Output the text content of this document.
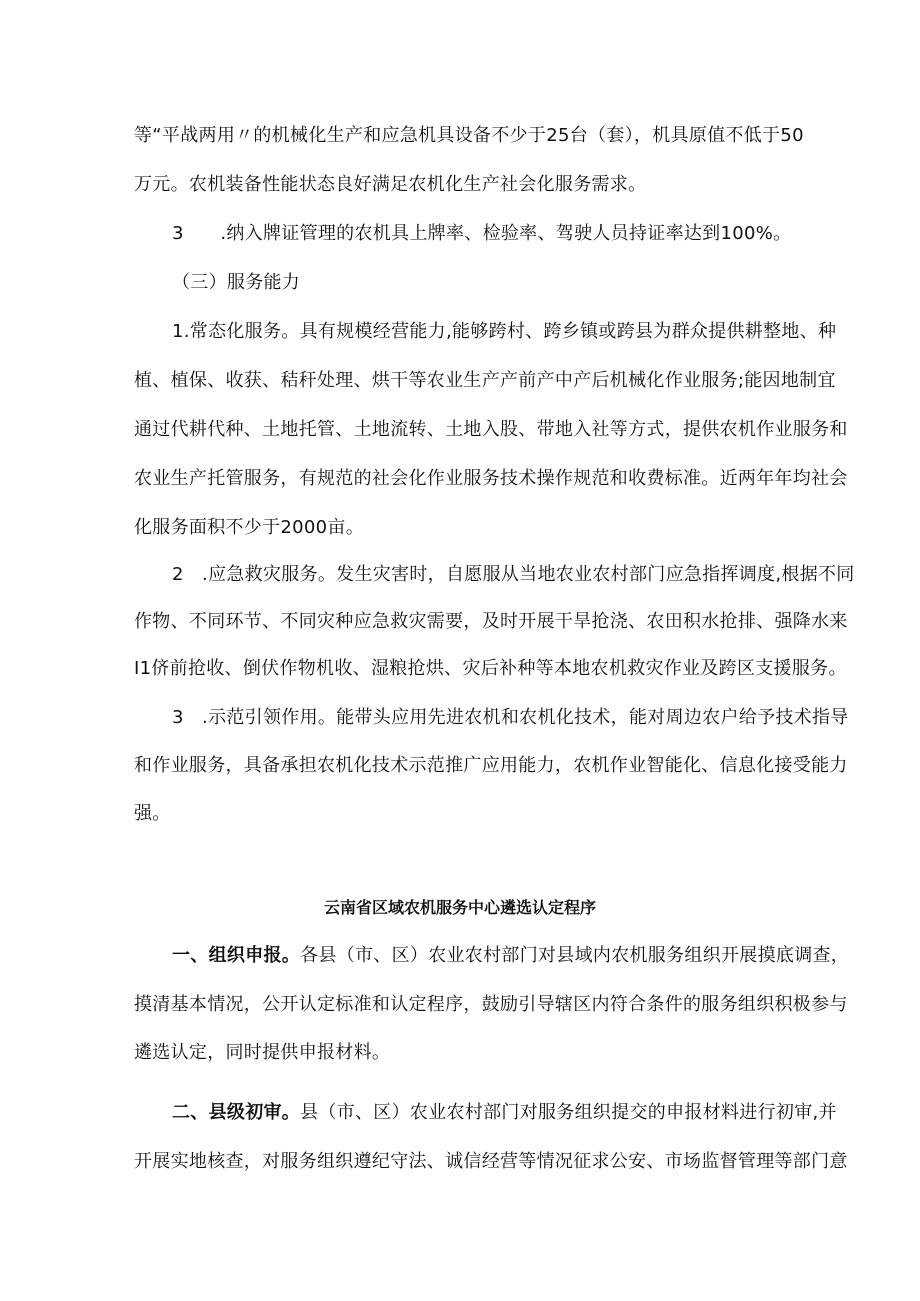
等“平战两用〃的机械化生产和应急机具设备不少于25台（套），机具原值不低于50
万元。农机装备性能状态良好满足农机化生产社会化服务需求。
3　　.纳入牌证管理的农机具上牌率、检验率、驾驶人员持证率达到100%。
（三）服务能力
1.常态化服务。具有规模经营能力,能够跨村、跨乡镇或跨县为群众提供耕整地、种
植、植保、收获、秸秆处理、烘干等农业生产产前产中产后机械化作业服务;能因地制宜
通过代耕代种、土地托管、土地流转、土地入股、带地入社等方式，提供农机作业服务和
农业生产托管服务，有规范的社会化作业服务技术操作规范和收费标准。近两年年均社会
化服务面积不少于2000亩。
2　.应急救灾服务。发生灾害时，自愿服从当地农业农村部门应急指挥调度,根据不同
作物、不同环节、不同灾种应急救灾需要，及时开展干旱抢浇、农田积水抢排、强降水来
I1侪前抢收、倒伏作物机收、湿粮抢烘、灾后补种等本地农机救灾作业及跨区支援服务。
3　.示范引领作用。能带头应用先进农机和农机化技术，能对周边农户给予技术指导
和作业服务，具备承担农机化技术示范推广应用能力，农机作业智能化、信息化接受能力
强。
云南省区域农机服务中心遴选认定程序
一、组织申报。各县（市、区）农业农村部门对县域内农机服务组织开展摸底调查，
摸清基本情况，公开认定标准和认定程序，鼓励引导辖区内符合条件的服务组织积极参与
遴选认定，同时提供申报材料。
二、县级初审。县（市、区）农业农村部门对服务组织提交的申报材料进行初审,并
开展实地核查，对服务组织遵纪守法、诚信经营等情况征求公安、市场监督管理等部门意
